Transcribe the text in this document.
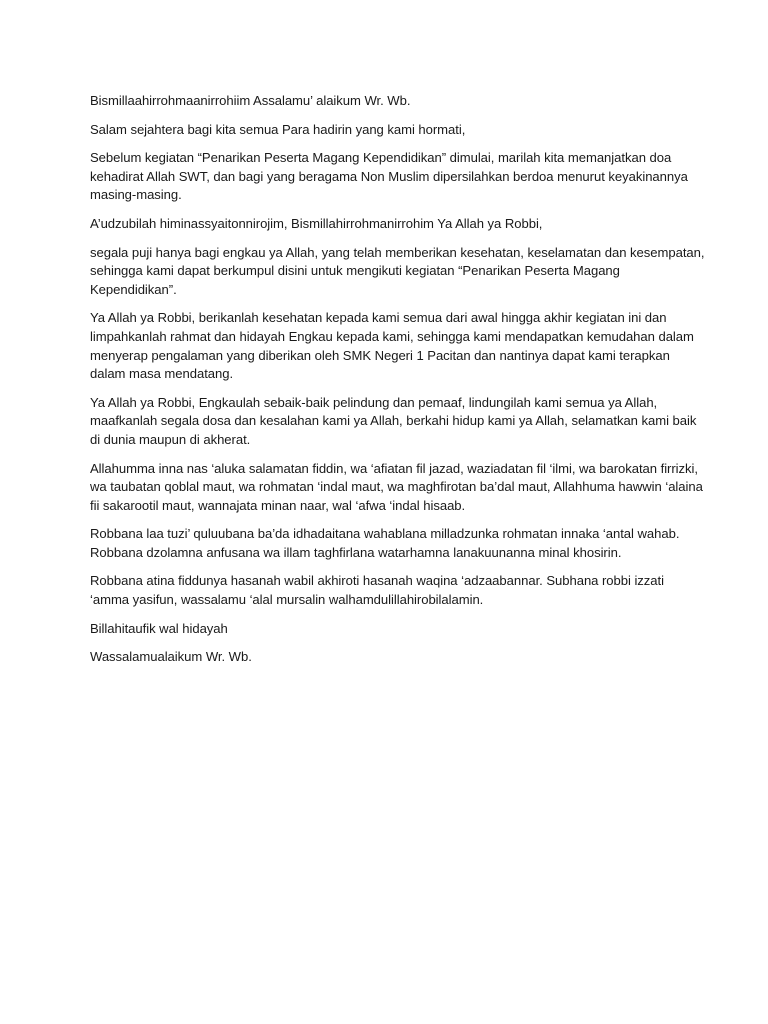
Bismillaahirrohmaanirrohiim Assalamu’ alaikum Wr. Wb.

Salam sejahtera bagi kita semua Para hadirin yang kami hormati,

Sebelum kegiatan “Penarikan Peserta Magang Kependidikan” dimulai, marilah kita memanjatkan doa kehadirat Allah SWT, dan bagi yang beragama Non Muslim dipersilahkan berdoa menurut keyakinannya masing-masing.

A’udzubilah himinassyaitonnirojim, Bismillahirrohmanirrohim Ya Allah ya Robbi,

segala puji hanya bagi engkau ya Allah, yang telah memberikan kesehatan, keselamatan dan kesempatan, sehingga kami dapat berkumpul disini untuk mengikuti kegiatan “Penarikan Peserta Magang Kependidikan”.

Ya Allah ya Robbi, berikanlah kesehatan kepada kami semua dari awal hingga akhir kegiatan ini dan limpahkanlah rahmat dan hidayah Engkau kepada kami, sehingga kami mendapatkan kemudahan dalam menyerap pengalaman yang diberikan oleh SMK Negeri 1 Pacitan dan nantinya dapat kami terapkan dalam masa mendatang.

Ya Allah ya Robbi, Engkaulah sebaik-baik pelindung dan pemaaf, lindungilah kami semua ya Allah, maafkanlah segala dosa dan kesalahan kami ya Allah, berkahi hidup kami ya Allah, selamatkan kami baik di dunia maupun di akherat.

Allahumma inna nas ‘aluka salamatan fiddin, wa ‘afiatan fil jazad, waziadatan fil ‘ilmi, wa barokatan firrizki, wa taubatan qoblal maut, wa rohmatan ‘indal maut, wa maghfirotan ba’dal maut, Allahhuma hawwin ‘alaina fii sakarootil maut, wannajata minan naar, wal ‘afwa ‘indal hisaab.

Robbana laa tuzi’ quluubana ba’da idhadaitana wahablana milladzunka rohmatan innaka ‘antal wahab. Robbana dzolamna anfusana wa illam taghfirlana watarhamna lanakuunanna minal khosirin.

Robbana atina fiddunya hasanah wabil akhiroti hasanah waqina ‘adzaabannar. Subhana robbi izzati ‘amma yasifun, wassalamu ‘alal mursalin walhamdulillahirobilalamin.

Billahitaufik wal hidayah

Wassalamualaikum Wr. Wb.
